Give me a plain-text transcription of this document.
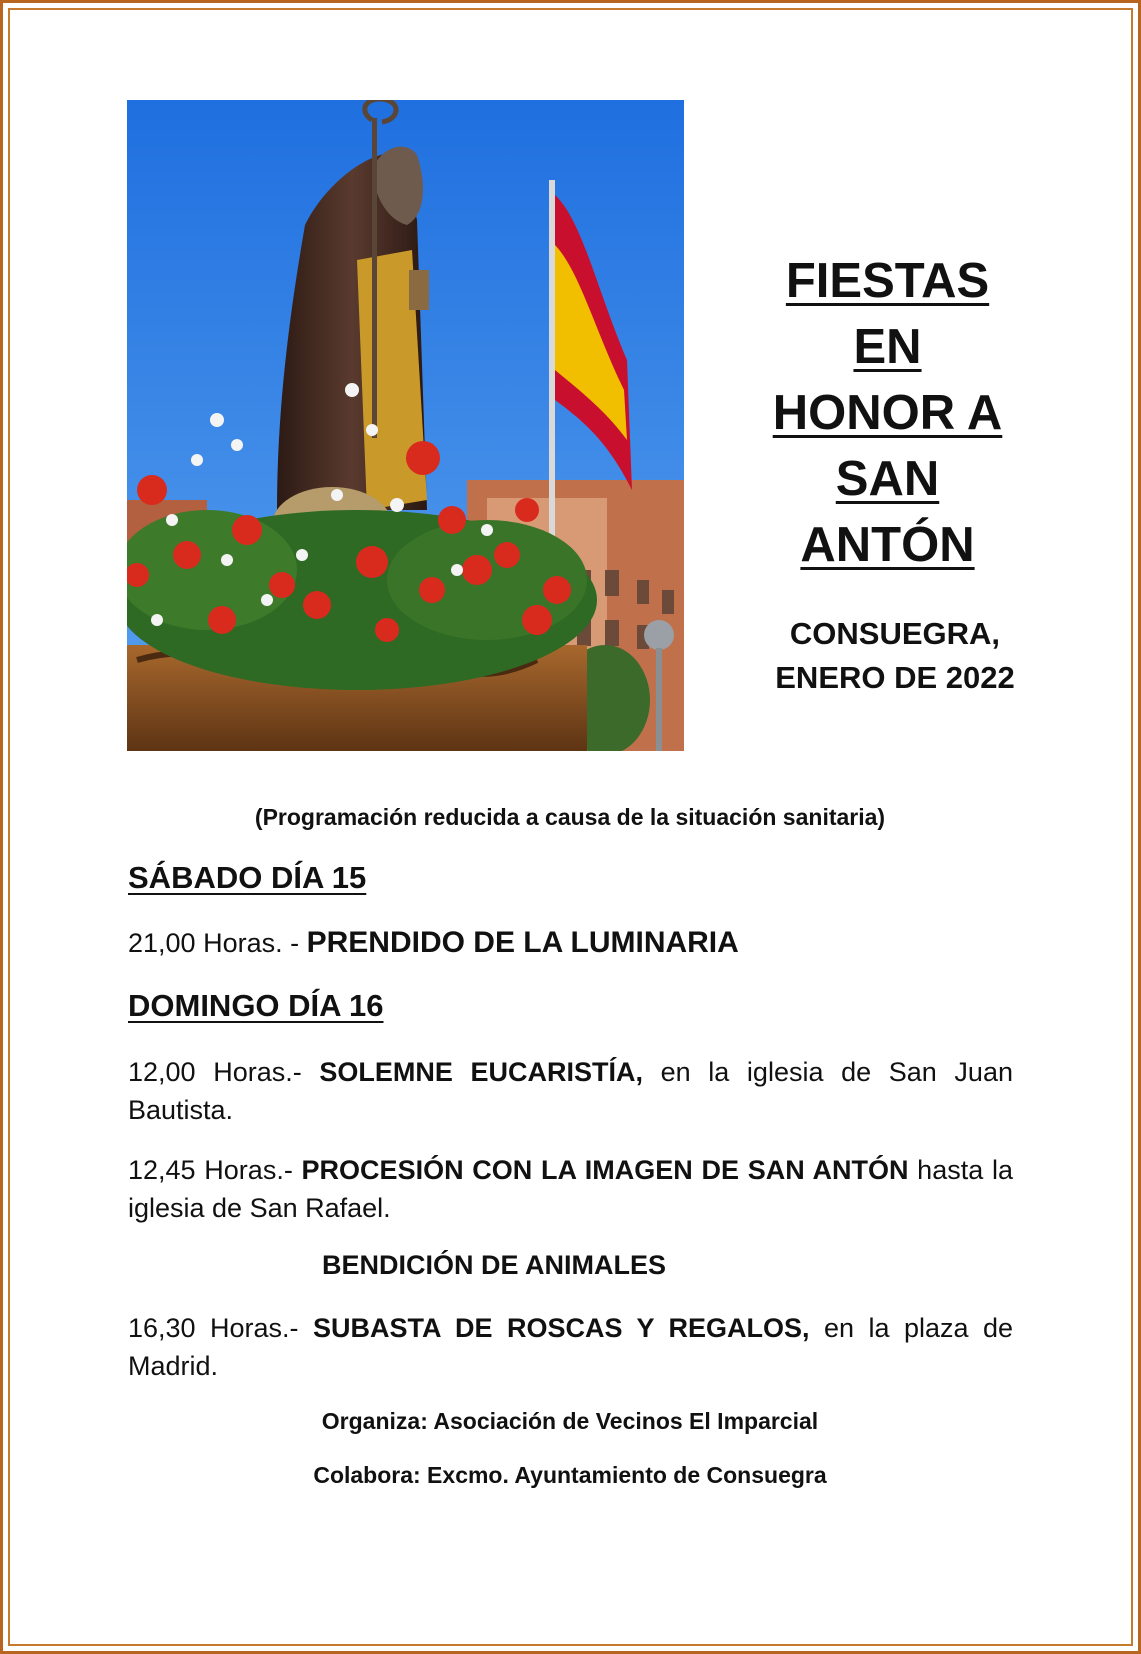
FIESTAS
EN
HONOR A
SAN
ANTÓN
CONSUEGRA,
ENERO DE 2022
(Programación reducida a causa de la situación sanitaria)
SÁBADO DÍA 15
21,00 Horas. - PRENDIDO DE LA LUMINARIA
DOMINGO DÍA 16
12,00 Horas.- SOLEMNE EUCARISTÍA, en la iglesia de San Juan Bautista.
12,45 Horas.- PROCESIÓN CON LA IMAGEN DE SAN ANTÓN hasta la iglesia de San Rafael.
BENDICIÓN DE ANIMALES
16,30 Horas.- SUBASTA DE ROSCAS Y REGALOS, en la plaza de Madrid.
Organiza: Asociación de Vecinos El Imparcial
Colabora: Excmo. Ayuntamiento de Consuegra
